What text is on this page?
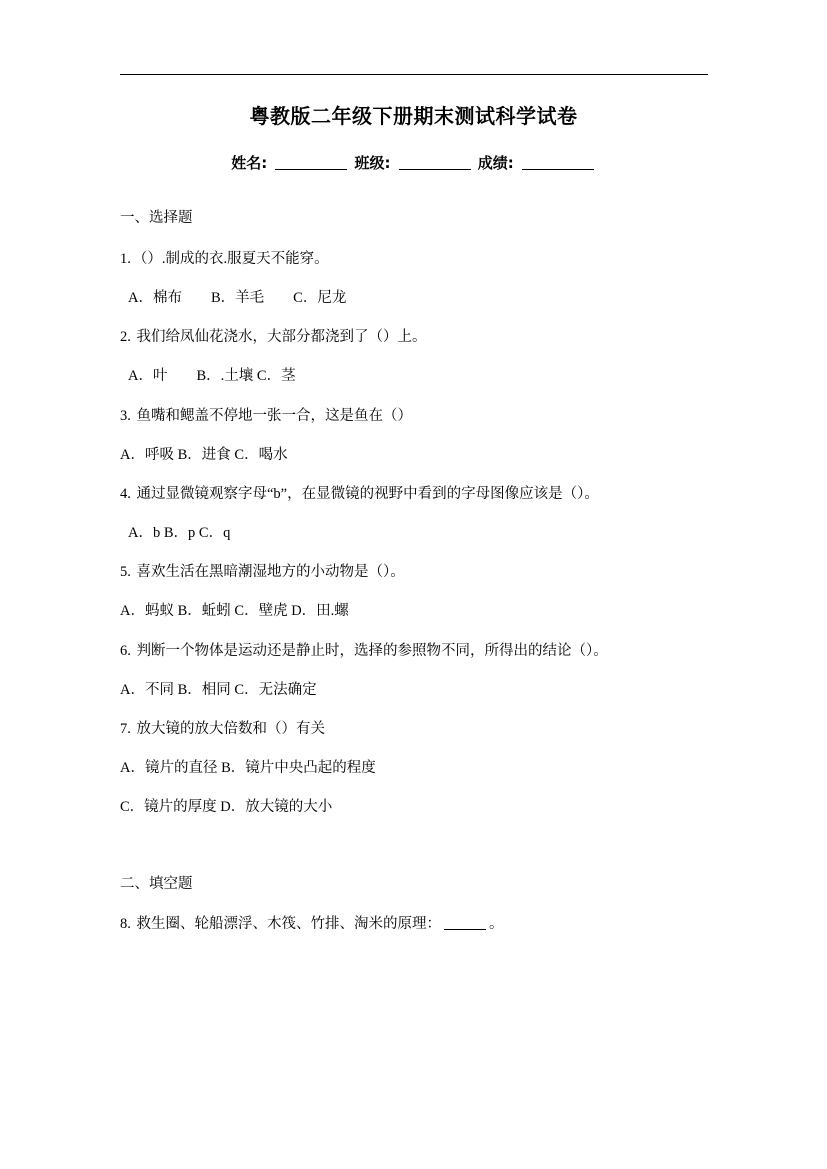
粤教版二年级下册期末测试科学试卷
姓名:	班级:	成绩:
一、选择题
1. （）.制成的衣.服夏天不能穿。
A．棉布　　B．羊毛　　C．尼龙
2. 我们给凤仙花浇水，大部分都浇到了（）上。
A．叶　　B．.土壤 C．茎
3. 鱼嘴和鳃盖不停地一张一合，这是鱼在（）
A．呼吸 B．进食 C．喝水
4. 通过显微镜观察字母“b”，在显微镜的视野中看到的字母图像应该是（）。
A．b B．p C．q
5. 喜欢生活在黑暗潮湿地方的小动物是（）。
A．蚂蚁 B．蚯蚓 C．壁虎 D．田.螺
6. 判断一个物体是运动还是静止时，选择的参照物不同，所得出的结论（）。
A．不同 B．相同 C．无法确定
7. 放大镜的放大倍数和（）有关
A．镜片的直径 B．镜片中央凸起的程度
C．镜片的厚度 D．放大镜的大小
二、填空题
8. 救生圈、轮船漂浮、木筏、竹排、淘米的原理：	。
